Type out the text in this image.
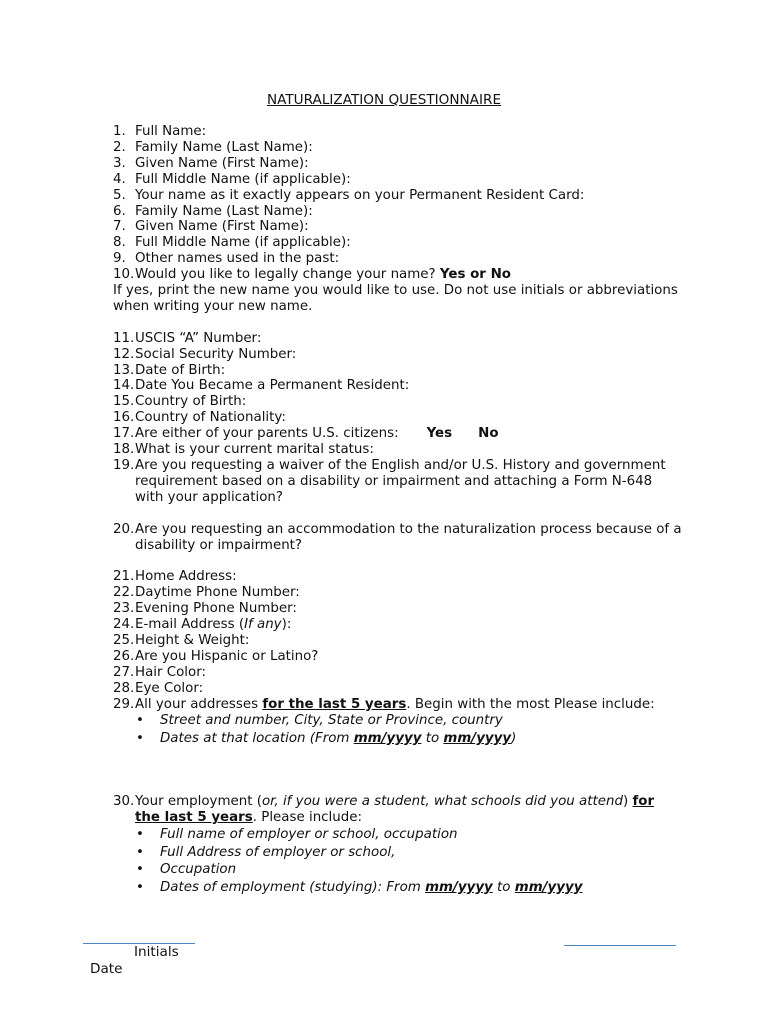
NATURALIZATION QUESTIONNAIRE
1. Full Name:
2. Family Name (Last Name):
3. Given Name (First Name):
4. Full Middle Name (if applicable):
5. Your name as it exactly appears on your Permanent Resident Card:
6. Family Name (Last Name):
7. Given Name (First Name):
8. Full Middle Name (if applicable):
9. Other names used in the past:
10. Would you like to legally change your name? Yes or No
If yes, print the new name you would like to use. Do not use initials or abbreviations when writing your new name.
11. USCIS “A” Number:
12. Social Security Number:
13. Date of Birth:
14. Date You Became a Permanent Resident:
15. Country of Birth:
16. Country of Nationality:
17. Are either of your parents U.S. citizens: Yes No
18. What is your current marital status:
19. Are you requesting a waiver of the English and/or U.S. History and government requirement based on a disability or impairment and attaching a Form N-648 with your application?
20. Are you requesting an accommodation to the naturalization process because of a disability or impairment?
21. Home Address:
22. Daytime Phone Number:
23. Evening Phone Number:
24. E-mail Address (If any):
25. Height & Weight:
26. Are you Hispanic or Latino?
27. Hair Color:
28. Eye Color:
29. All your addresses for the last 5 years. Begin with the most Please include:
•	Street and number, City, State or Province, country
•	Dates at that location (From mm/yyyy to mm/yyyy)
30. Your employment (or, if you were a student, what schools did you attend) for the last 5 years. Please include:
•	Full name of employer or school, occupation
•	Full Address of employer or school,
•	Occupation
•	Dates of employment (studying): From mm/yyyy to mm/yyyy
Initials
Date
